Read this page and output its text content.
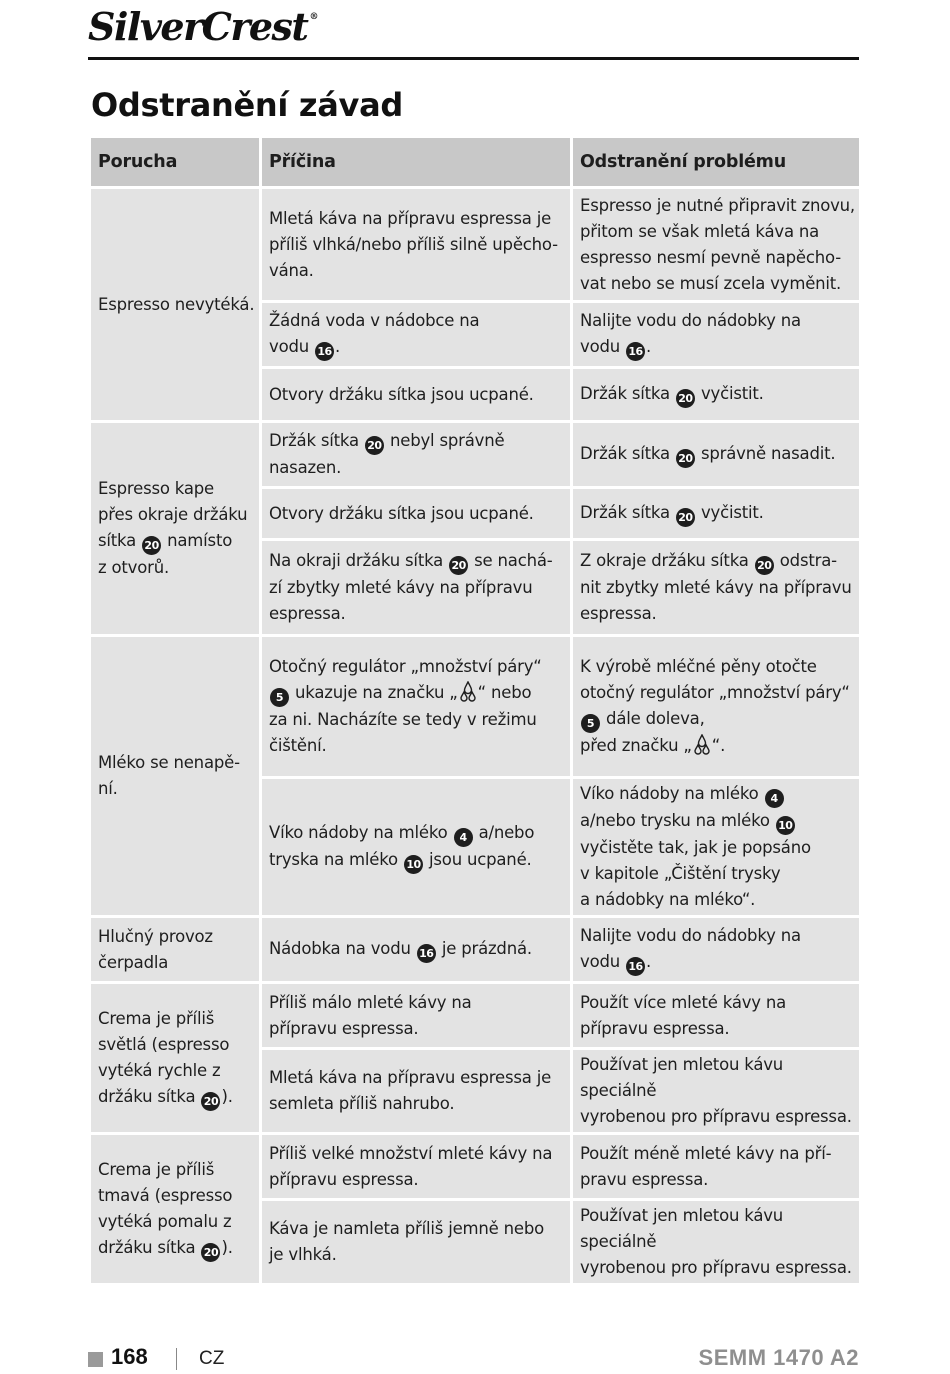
SilverCrest ®
Odstranění závad
Porucha	Příčina	Odstranění problému

Espresso nevytéká.	Mletá káva na přípravu espressa je
příliš vlhká/nebo příliš silně upěcho-
vána.	Espresso je nutné připravit znovu,
přitom se však mletá káva na
espresso nesmí pevně napěcho-
vat nebo se musí zcela vyměnit.

	Žádná voda v nádobce na
vodu 16 .	Nalijte vodu do nádobky na
vodu 16 .

	Otvory držáku sítka jsou ucpané.	Držák sítka 20 vyčistit.

Espresso kape
přes okraje držáku
sítka 20 namísto
z otvorů.	Držák sítka 20 nebyl správně
nasazen.	Držák sítka 20 správně nasadit.

	Otvory držáku sítka jsou ucpané.	Držák sítka 20 vyčistit.

	Na okraji držáku sítka 20 se nachá-
zí zbytky mleté kávy na přípravu
espressa.	Z okraje držáku sítka 20 odstra-
nit zbytky mleté kávy na přípravu
espressa.

Mléko se nenapě-
ní.	Otočný regulátor „množství páry“
5 ukazuje na značku „ “ nebo
za ni. Nacházíte se tedy v režimu
čištění.	K výrobě mléčné pěny otočte
otočný regulátor „množství páry“
5 dále doleva,
před značku „ “.

	Víko nádoby na mléko 4 a/nebo
tryska na mléko 10 jsou ucpané.	Víko nádoby na mléko 4
a/nebo trysku na mléko 10
vyčistěte tak, jak je popsáno
v kapitole „Čištění trysky
a nádobky na mléko“.

Hlučný provoz
čerpadla	Nádobka na vodu 16 je prázdná.	Nalijte vodu do nádobky na
vodu 16 .

Crema je příliš
světlá (espresso
vytéká rychle z
držáku sítka 20 ).	Příliš málo mleté kávy na
přípravu espressa.	Použít více mleté kávy na
přípravu espressa.

	Mletá káva na přípravu espressa je
semleta příliš nahrubo.	Používat jen mletou kávu speciálně
vyrobenou pro přípravu espressa.

Crema je příliš
tmavá (espresso
vytéká pomalu z
držáku sítka 20 ).	Příliš velké množství mleté kávy na
přípravu espressa.	Použít méně mleté kávy na pří-
pravu espressa.

	Káva je namleta příliš jemně nebo
je vlhká.	Používat jen mletou kávu speciálně
vyrobenou pro přípravu espressa.
168	CZ	SEMM 1470 A2
